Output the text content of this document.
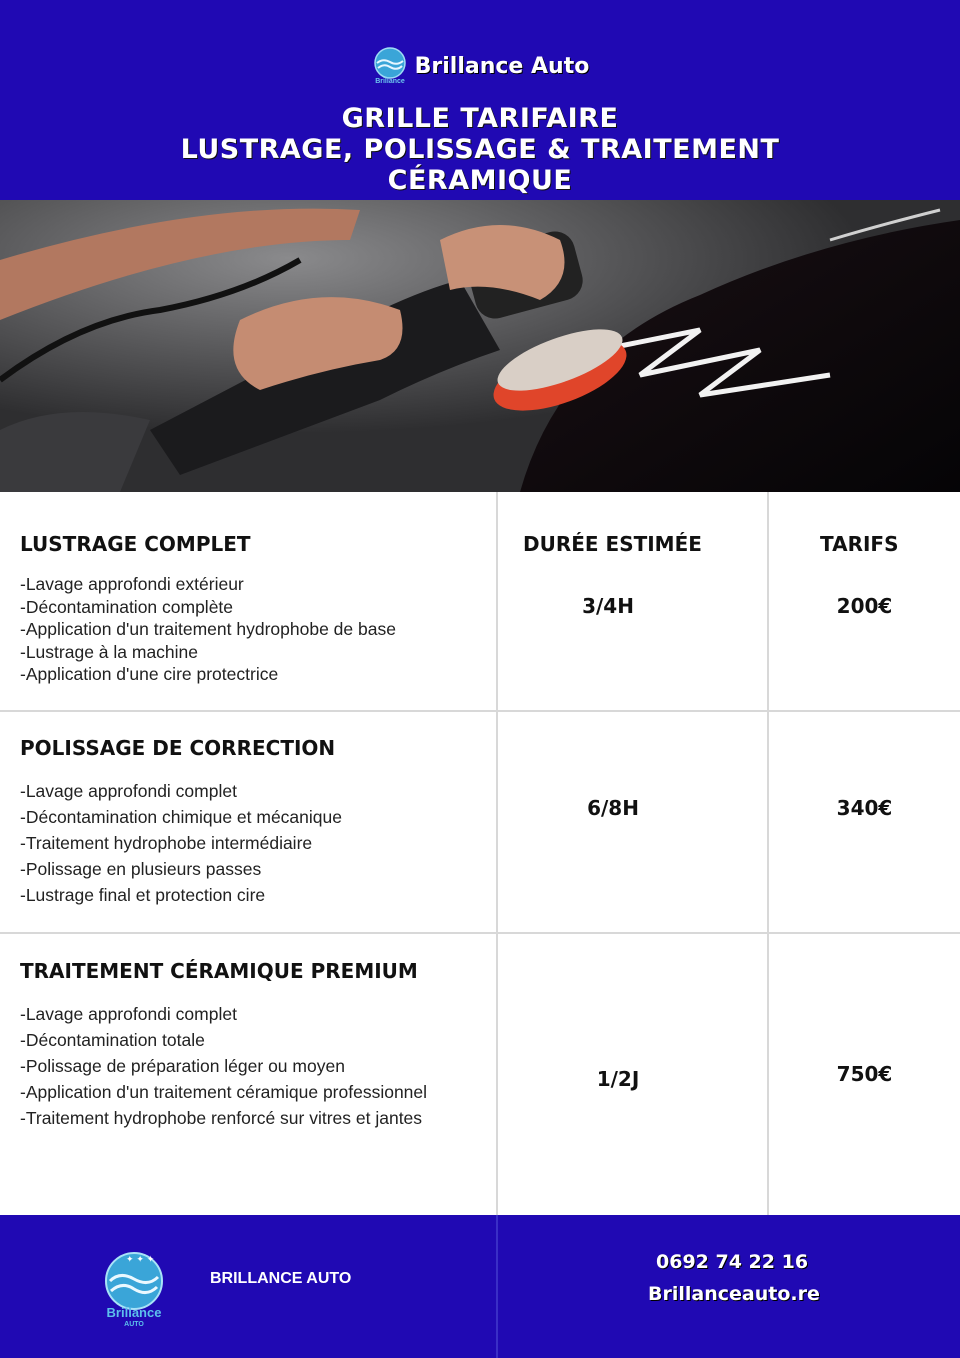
Brillance
Brillance Auto
GRILLE TARIFAIRE
LUSTRAGE, POLISSAGE & TRAITEMENT
CÉRAMIQUE
DURÉE ESTIMÉE	TARIFS
LUSTRAGE COMPLET
-Lavage approfondi extérieur
-Décontamination complète
-Application d'un traitement hydrophobe de base
-Lustrage à la machine
-Application d'une cire protectrice
3/4H	200€
POLISSAGE DE CORRECTION
-Lavage approfondi complet
-Décontamination chimique et mécanique
-Traitement hydrophobe intermédiaire
-Polissage en plusieurs passes
-Lustrage final et protection cire
6/8H	340€
TRAITEMENT CÉRAMIQUE PREMIUM
-Lavage approfondi complet
-Décontamination totale
-Polissage de préparation léger ou moyen
-Application d'un traitement céramique professionnel
-Traitement hydrophobe renforcé sur vitres et jantes
1/2J	750€
✦ ✦ ✦
Brillance
AUTO
BRILLANCE AUTO
0692 74 22 16
Brillanceauto.re
